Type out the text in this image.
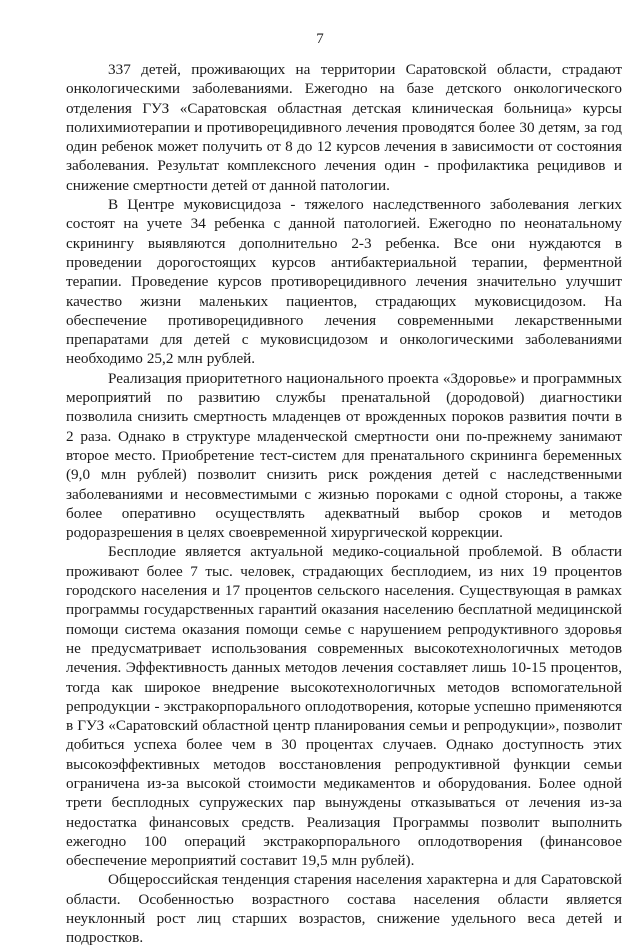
7

337 детей, проживающих на территории Саратовской области, страдают онкологическими заболеваниями. Ежегодно на базе детского онкологического отделения ГУЗ «Саратовская областная детская клиническая больница» курсы полихимиотерапии и противорецидивного лечения проводятся более 30 детям, за год один ребенок может получить от 8 до 12 курсов лечения в зависимости от состояния заболевания. Результат комплексного лечения один - профилактика рецидивов и снижение смертности детей от данной патологии.

В Центре муковисцидоза - тяжелого наследственного заболевания легких состоят на учете 34 ребенка с данной патологией. Ежегодно по неонатальному скринингу выявляются дополнительно 2-3 ребенка. Все они нуждаются в проведении дорогостоящих курсов антибактериальной терапии, ферментной терапии. Проведение курсов противорецидивного лечения значительно улучшит качество жизни маленьких пациентов, страдающих муковисцидозом. На обеспечение противорецидивного лечения современными лекарственными препаратами для детей с муковисцидозом и онкологическими заболеваниями необходимо 25,2 млн рублей.

Реализация приоритетного национального проекта «Здоровье» и программных мероприятий по развитию службы пренатальной (дородовой) диагностики позволила снизить смертность младенцев от врожденных пороков развития почти в 2 раза. Однако в структуре младенческой смертности они по-прежнему занимают второе место. Приобретение тест-систем для пренатального скрининга беременных (9,0 млн рублей) позволит снизить риск рождения детей с наследственными заболеваниями и несовместимыми с жизнью пороками с одной стороны, а также более оперативно осуществлять адекватный выбор сроков и методов родоразрешения в целях своевременной хирургической коррекции.

Бесплодие является актуальной медико-социальной проблемой. В области проживают более 7 тыс. человек, страдающих бесплодием, из них 19 процентов городского населения и 17 процентов сельского населения. Существующая в рамках программы государственных гарантий оказания населению бесплатной медицинской помощи система оказания помощи семье с нарушением репродуктивного здоровья не предусматривает использования современных высокотехнологичных методов лечения. Эффективность данных методов лечения составляет лишь 10-15 процентов, тогда как широкое внедрение высокотехнологичных методов вспомогательной репродукции - экстракорпорального оплодотворения, которые успешно применяются в ГУЗ «Саратовский областной центр планирования семьи и репродукции», позволит добиться успеха более чем в 30 процентах случаев. Однако доступность этих высокоэффективных методов восстановления репродуктивной функции семьи ограничена из-за высокой стоимости медикаментов и оборудования. Более одной трети бесплодных супружеских пар вынуждены отказываться от лечения из-за недостатка финансовых средств. Реализация Программы позволит выполнить ежегодно 100 операций экстракорпорального оплодотворения (финансовое обеспечение мероприятий составит 19,5 млн рублей).

Общероссийская тенденция старения населения характерна и для Саратовской области. Особенностью возрастного состава населения области является неуклонный рост лиц старших возрастов, снижение удельного веса детей и подростков.
